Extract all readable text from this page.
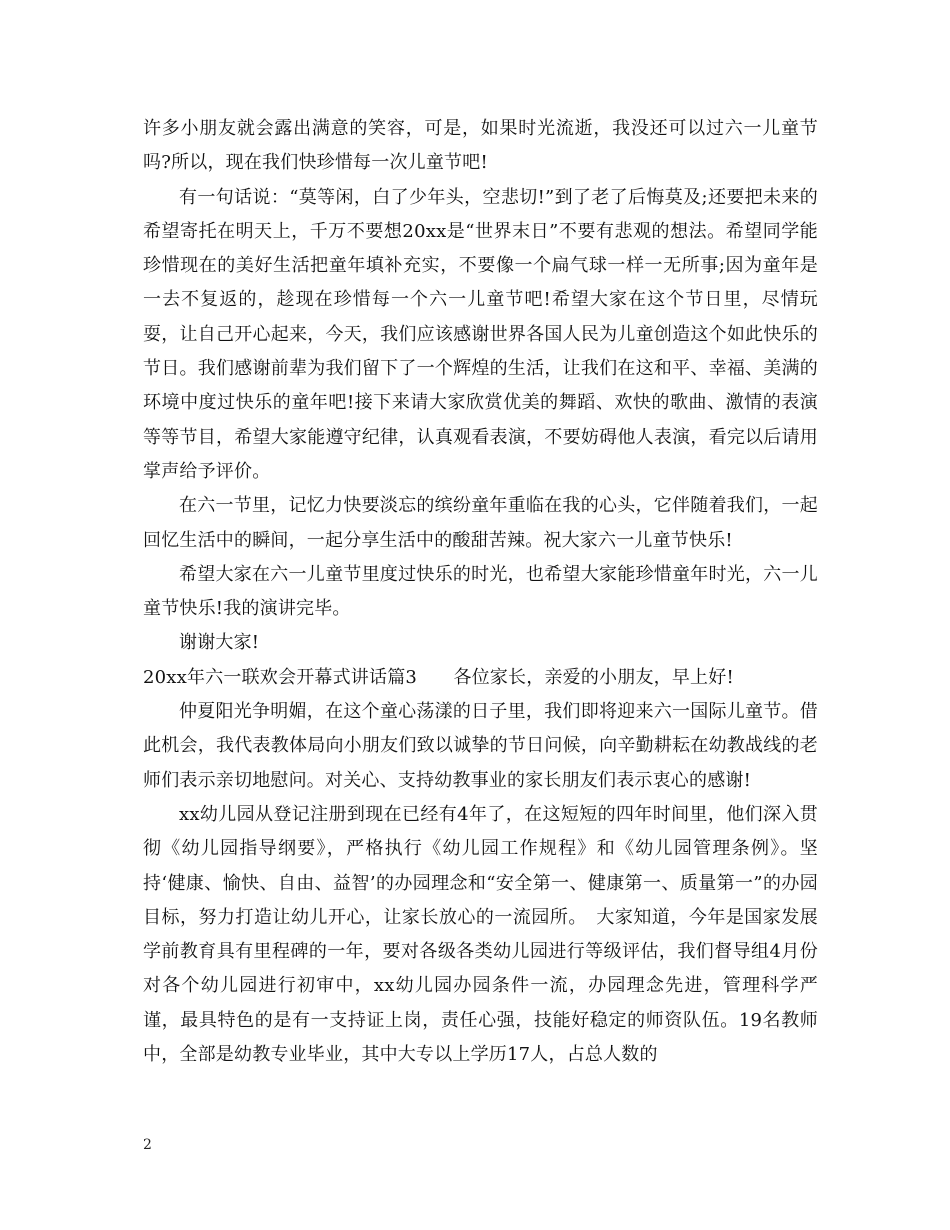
许多小朋友就会露出满意的笑容，可是，如果时光流逝，我没还可以过六一儿童节吗?所以，现在我们快珍惜每一次儿童节吧!

有一句话说：“莫等闲，白了少年头，空悲切!”到了老了后悔莫及;还要把未来的希望寄托在明天上，千万不要想20xx是“世界末日”不要有悲观的想法。希望同学能珍惜现在的美好生活把童年填补充实，不要像一个扁气球一样一无所事;因为童年是一去不复返的，趁现在珍惜每一个六一儿童节吧!希望大家在这个节日里，尽情玩耍，让自己开心起来，今天，我们应该感谢世界各国人民为儿童创造这个如此快乐的节日。我们感谢前辈为我们留下了一个辉煌的生活，让我们在这和平、幸福、美满的环境中度过快乐的童年吧!接下来请大家欣赏优美的舞蹈、欢快的歌曲、激情的表演等等节目，希望大家能遵守纪律，认真观看表演，不要妨碍他人表演，看完以后请用掌声给予评价。

在六一节里，记忆力快要淡忘的缤纷童年重临在我的心头，它伴随着我们，一起回忆生活中的瞬间，一起分享生活中的酸甜苦辣。祝大家六一儿童节快乐!

希望大家在六一儿童节里度过快乐的时光，也希望大家能珍惜童年时光，六一儿童节快乐!我的演讲完毕。

谢谢大家!

20xx年六一联欢会开幕式讲话篇3　　各位家长，亲爱的小朋友，早上好!

仲夏阳光争明媚，在这个童心荡漾的日子里，我们即将迎来六一国际儿童节。借此机会，我代表教体局向小朋友们致以诚挚的节日问候，向辛勤耕耘在幼教战线的老师们表示亲切地慰问。对关心、支持幼教事业的家长朋友们表示衷心的感谢!

xx幼儿园从登记注册到现在已经有4年了，在这短短的四年时间里，他们深入贯彻《幼儿园指导纲要》，严格执行《幼儿园工作规程》和《幼儿园管理条例》。坚持‘健康、愉快、自由、益智’的办园理念和“安全第一、健康第一、质量第一”的办园目标，努力打造让幼儿开心，让家长放心的一流园所。　大家知道，今年是国家发展学前教育具有里程碑的一年，要对各级各类幼儿园进行等级评估，我们督导组4月份对各个幼儿园进行初审中，xx幼儿园办园条件一流，办园理念先进，管理科学严谨，最具特色的是有一支持证上岗，责任心强，技能好稳定的师资队伍。19名教师中，全部是幼教专业毕业，其中大专以上学历17人，占总人数的

2
